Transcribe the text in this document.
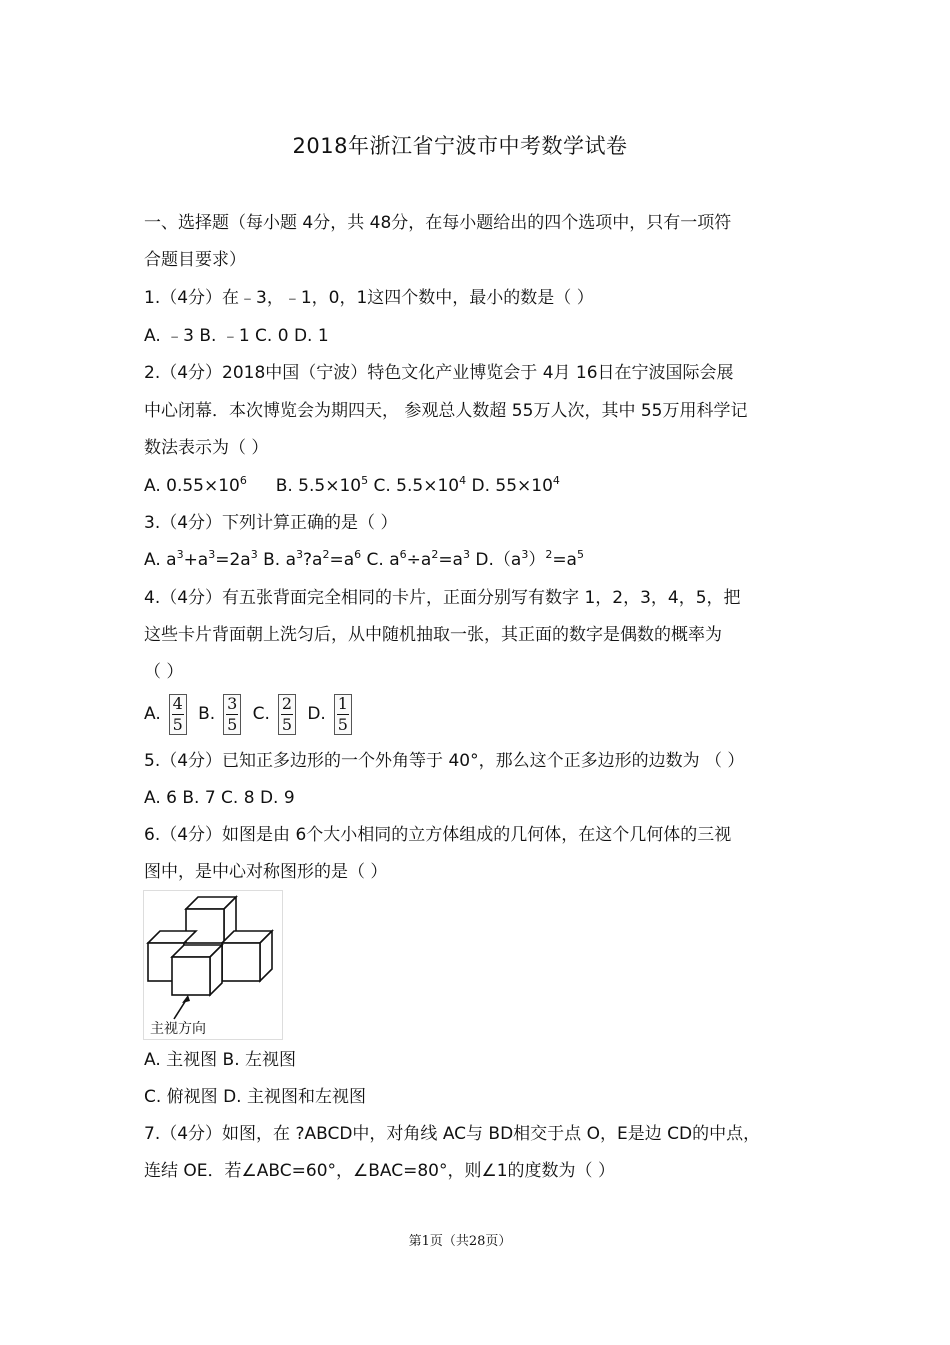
2018年浙江省宁波市中考数学试卷
一、选择题（每小题 4分，共 48分，在每小题给出的四个选项中，只有一项符
合题目要求）
1.（4分）在﹣3，﹣1，0，1这四个数中，最小的数是（ ）
A. ﹣3 B. ﹣1 C. 0 D. 1
2.（4分）2018中国（宁波）特色文化产业博览会于 4月 16日在宁波国际会展
中心闭幕．本次博览会为期四天， 参观总人数超 55万人次，其中 55万用科学记
数法表示为（ ）
A. $0.55\times 10^6$ B. $5.5\times 10^5$ C. $5.5\times 10^4$ D. $55\times 10^4$
3.（4分）下列计算正确的是（ ）
A. $a^3+a^3=2a^3$ B. $a^3?a^2=a^6$ C. $a^6\div a^2=a^3$ $D.(a^3)^2=a^5$
4.（4分）有五张背面完全相同的卡片，正面分别写有数字 1，2，3，4，5，把
这些卡片背面朝上洗匀后，从中随机抽取一张，其正面的数字是偶数的概率为
（ ）
A. $\frac{4}{5} B$. $\frac{3}{5} C$. $\frac{2}{5} D$. $\frac{1}{5}$
5.（4分）已知正多边形的一个外角等于 40°，那么这个正多边形的边数为 （ ）
A. 6 B. 7 C. 8 D. 9
6.（4分）如图是由 6个大小相同的立方体组成的几何体，在这个几何体的三视
图中，是中心对称图形的是（ ）
主视方向
A. 主视图 B. 左视图
C. 俯视图 D. 主视图和左视图
7.（4分）如图，在 ?ABCD中，对角线 AC与 BD相交于点 O，E是边 CD的中点，
连结 OE．若∠ABC=60°，∠BAC=80°，则∠1的度数为（ ）
第1页（共28页）
